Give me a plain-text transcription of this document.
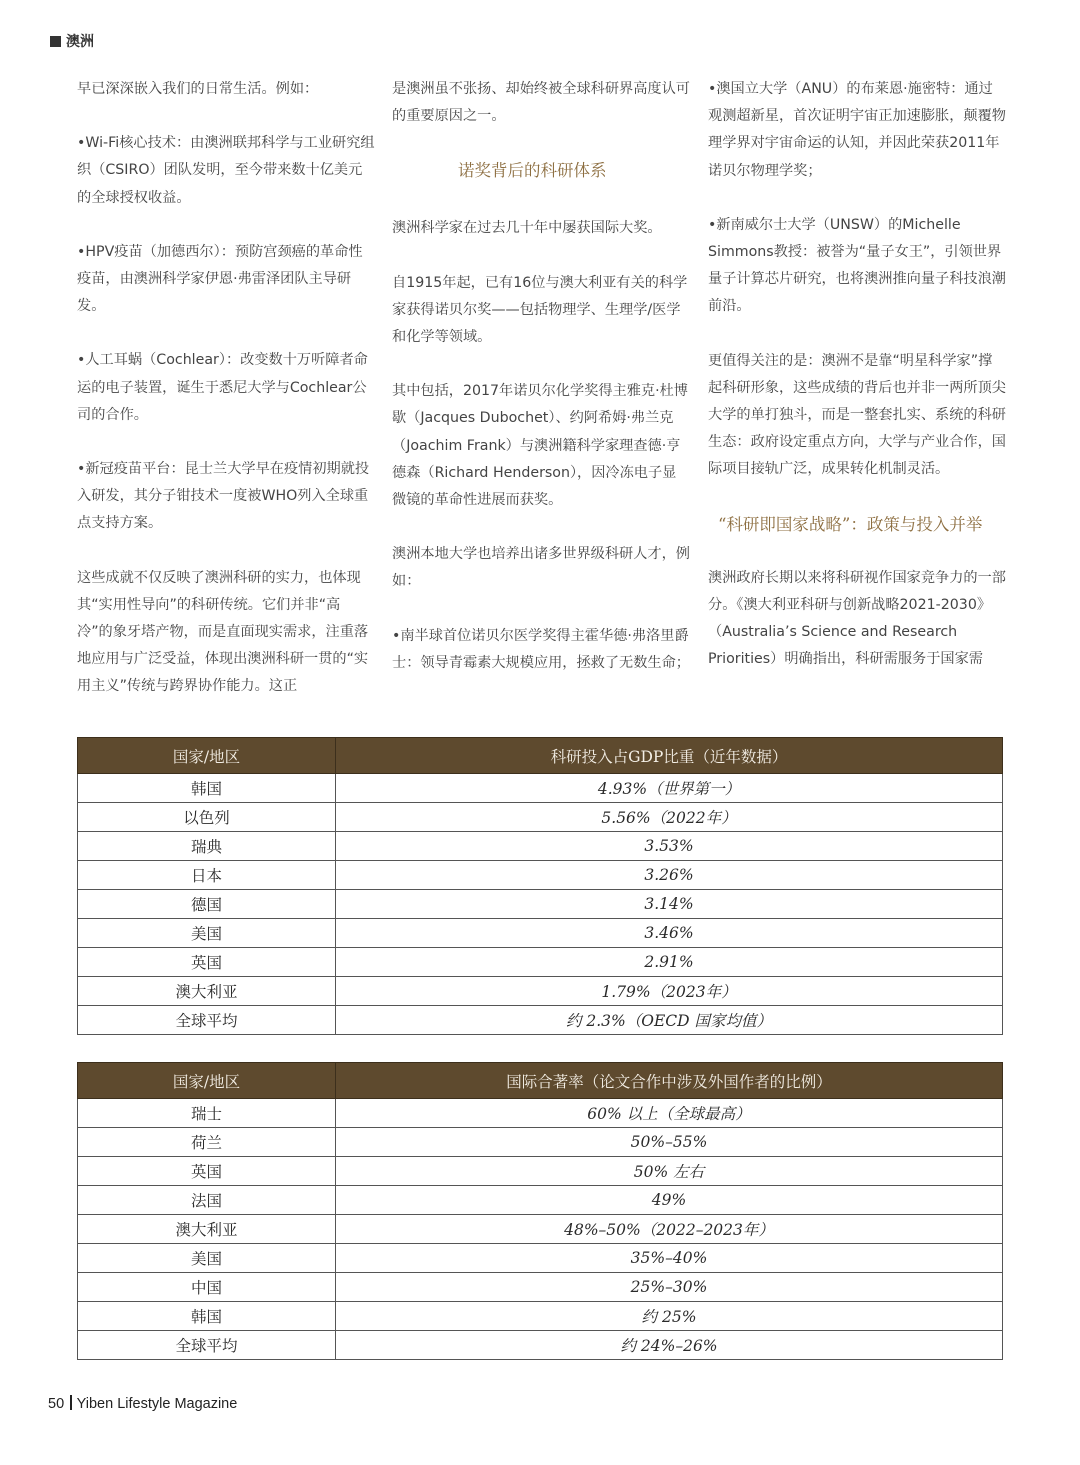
澳洲

早已深深嵌入我们的日常生活。例如：

•Wi-Fi核心技术：由澳洲联邦科学与工业研究组织（CSIRO）团队发明，至今带来数十亿美元的全球授权收益。

•HPV疫苗（加德西尔）：预防宫颈癌的革命性疫苗，由澳洲科学家伊恩·弗雷泽团队主导研发。

•人工耳蜗（Cochlear）：改变数十万听障者命运的电子装置，诞生于悉尼大学与Cochlear公司的合作。

•新冠疫苗平台：昆士兰大学早在疫情初期就投入研发，其分子钳技术一度被WHO列入全球重点支持方案。

这些成就不仅反映了澳洲科研的实力，也体现其“实用性导向”的科研传统。它们并非“高冷”的象牙塔产物，而是直面现实需求，注重落地应用与广泛受益，体现出澳洲科研一贯的“实用主义”传统与跨界协作能力。这正

是澳洲虽不张扬、却始终被全球科研界高度认可的重要原因之一。

诺奖背后的科研体系

澳洲科学家在过去几十年中屡获国际大奖。

自1915年起，已有16位与澳大利亚有关的科学家获得诺贝尔奖——包括物理学、生理学/医学和化学等领域。

其中包括，2017年诺贝尔化学奖得主雅克·杜博歇（Jacques Dubochet）、约阿希姆·弗兰克（Joachim Frank）与澳洲籍科学家理查德·亨德森（Richard Henderson），因冷冻电子显微镜的革命性进展而获奖。

澳洲本地大学也培养出诸多世界级科研人才，例如：

•南半球首位诺贝尔医学奖得主霍华德·弗洛里爵士：领导青霉素大规模应用，拯救了无数生命；

•澳国立大学（ANU）的布莱恩·施密特：通过观测超新星，首次证明宇宙正加速膨胀，颠覆物理学界对宇宙命运的认知，并因此荣获2011年诺贝尔物理学奖；

•新南威尔士大学（UNSW）的Michelle Simmons教授：被誉为“量子女王”，引领世界量子计算芯片研究，也将澳洲推向量子科技浪潮前沿。

更值得关注的是：澳洲不是靠“明星科学家”撑起科研形象，这些成绩的背后也并非一两所顶尖大学的单打独斗，而是一整套扎实、系统的科研生态：政府设定重点方向，大学与产业合作，国际项目接轨广泛，成果转化机制灵活。

“科研即国家战略”：政策与投入并举

澳洲政府长期以来将科研视作国家竞争力的一部分。《澳大利亚科研与创新战略2021-2030》（Australia’s Science and Research Priorities）明确指出，科研需服务于国家需

国家/地区	科研投入占GDP比重（近年数据）
韩国	4.93%（世界第一）
以色列	5.56%（2022年）
瑞典	3.53%
日本	3.26%
德国	3.14%
美国	3.46%
英国	2.91%
澳大利亚	1.79%（2023年）
全球平均	约 2.3%（OECD 国家均值）
国家/地区	国际合著率（论文合作中涉及外国作者的比例）
瑞士	60% 以上（全球最高）
荷兰	50%–55%
英国	50% 左右
法国	49%
澳大利亚	48%–50%（2022–2023年）
美国	35%–40%
中国	25%–30%
韩国	约 25%
全球平均	约 24%–26%
50 Yiben Lifestyle Magazine
